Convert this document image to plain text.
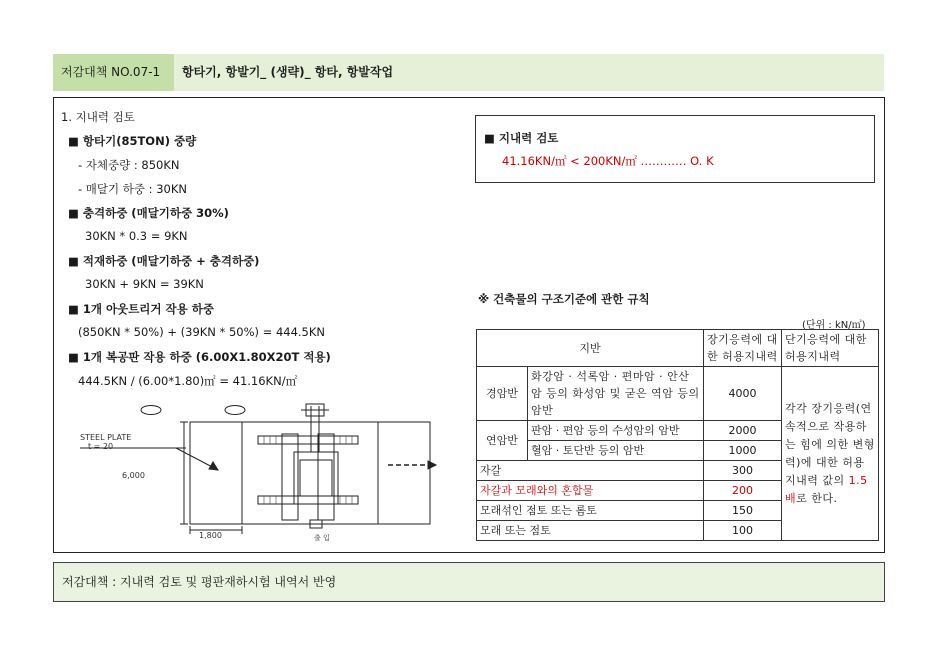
저감대책 NO.07-1	항타기, 항발기_ (생략)_ 항타, 항발작업
1. 지내력 검토
■ 항타기(85TON) 중량
- 자체중량 : 850KN
- 매달기 하중 : 30KN
■ 충격하중 (매달기하중 30%)
30KN * 0.3 = 9KN
■ 적재하중 (매달기하중 + 충격하중)
30KN + 9KN = 39KN
■ 1개 아웃트리거 작용 하중
(850KN * 50%) + (39KN * 50%) = 444.5KN
■ 1개 복공판 작용 하중 (6.00X1.80X20T 적용)
444.5KN / (6.00*1.80)㎡ = 41.16KN/㎡
STEEL PLATE
t = 20
6,000
1,800	출 입
■ 지내력 검토
41.16KN/㎡ < 200KN/㎡ ………… O. K
※ 건축물의 구조기준에 관한 규칙
(단위 : kN/㎡)
지반		장기응력에 대한 허용지내력	단기응력에 대한 허용지내력
경암반	화강암 · 석록암 · 편마암 · 안산암 등의 화성암 및 굳은 역암 등의 암반	4000	각각 장기응력(연속적으로 작용하는 힘에 의한 변형력)에 대한 허용지내력 값의 1.5배로 한다.
연암반	판암 · 편암 등의 수성암의 암반	2000	
	혈암 · 토단반 등의 암반	1000	
자갈		300	
자갈과 모래와의 혼합물		200	
모래섞인 점토 또는 롬토		150	
모래 또는 점토		100	
저감대책 : 지내력 검토 및 평판재하시험 내역서 반영
